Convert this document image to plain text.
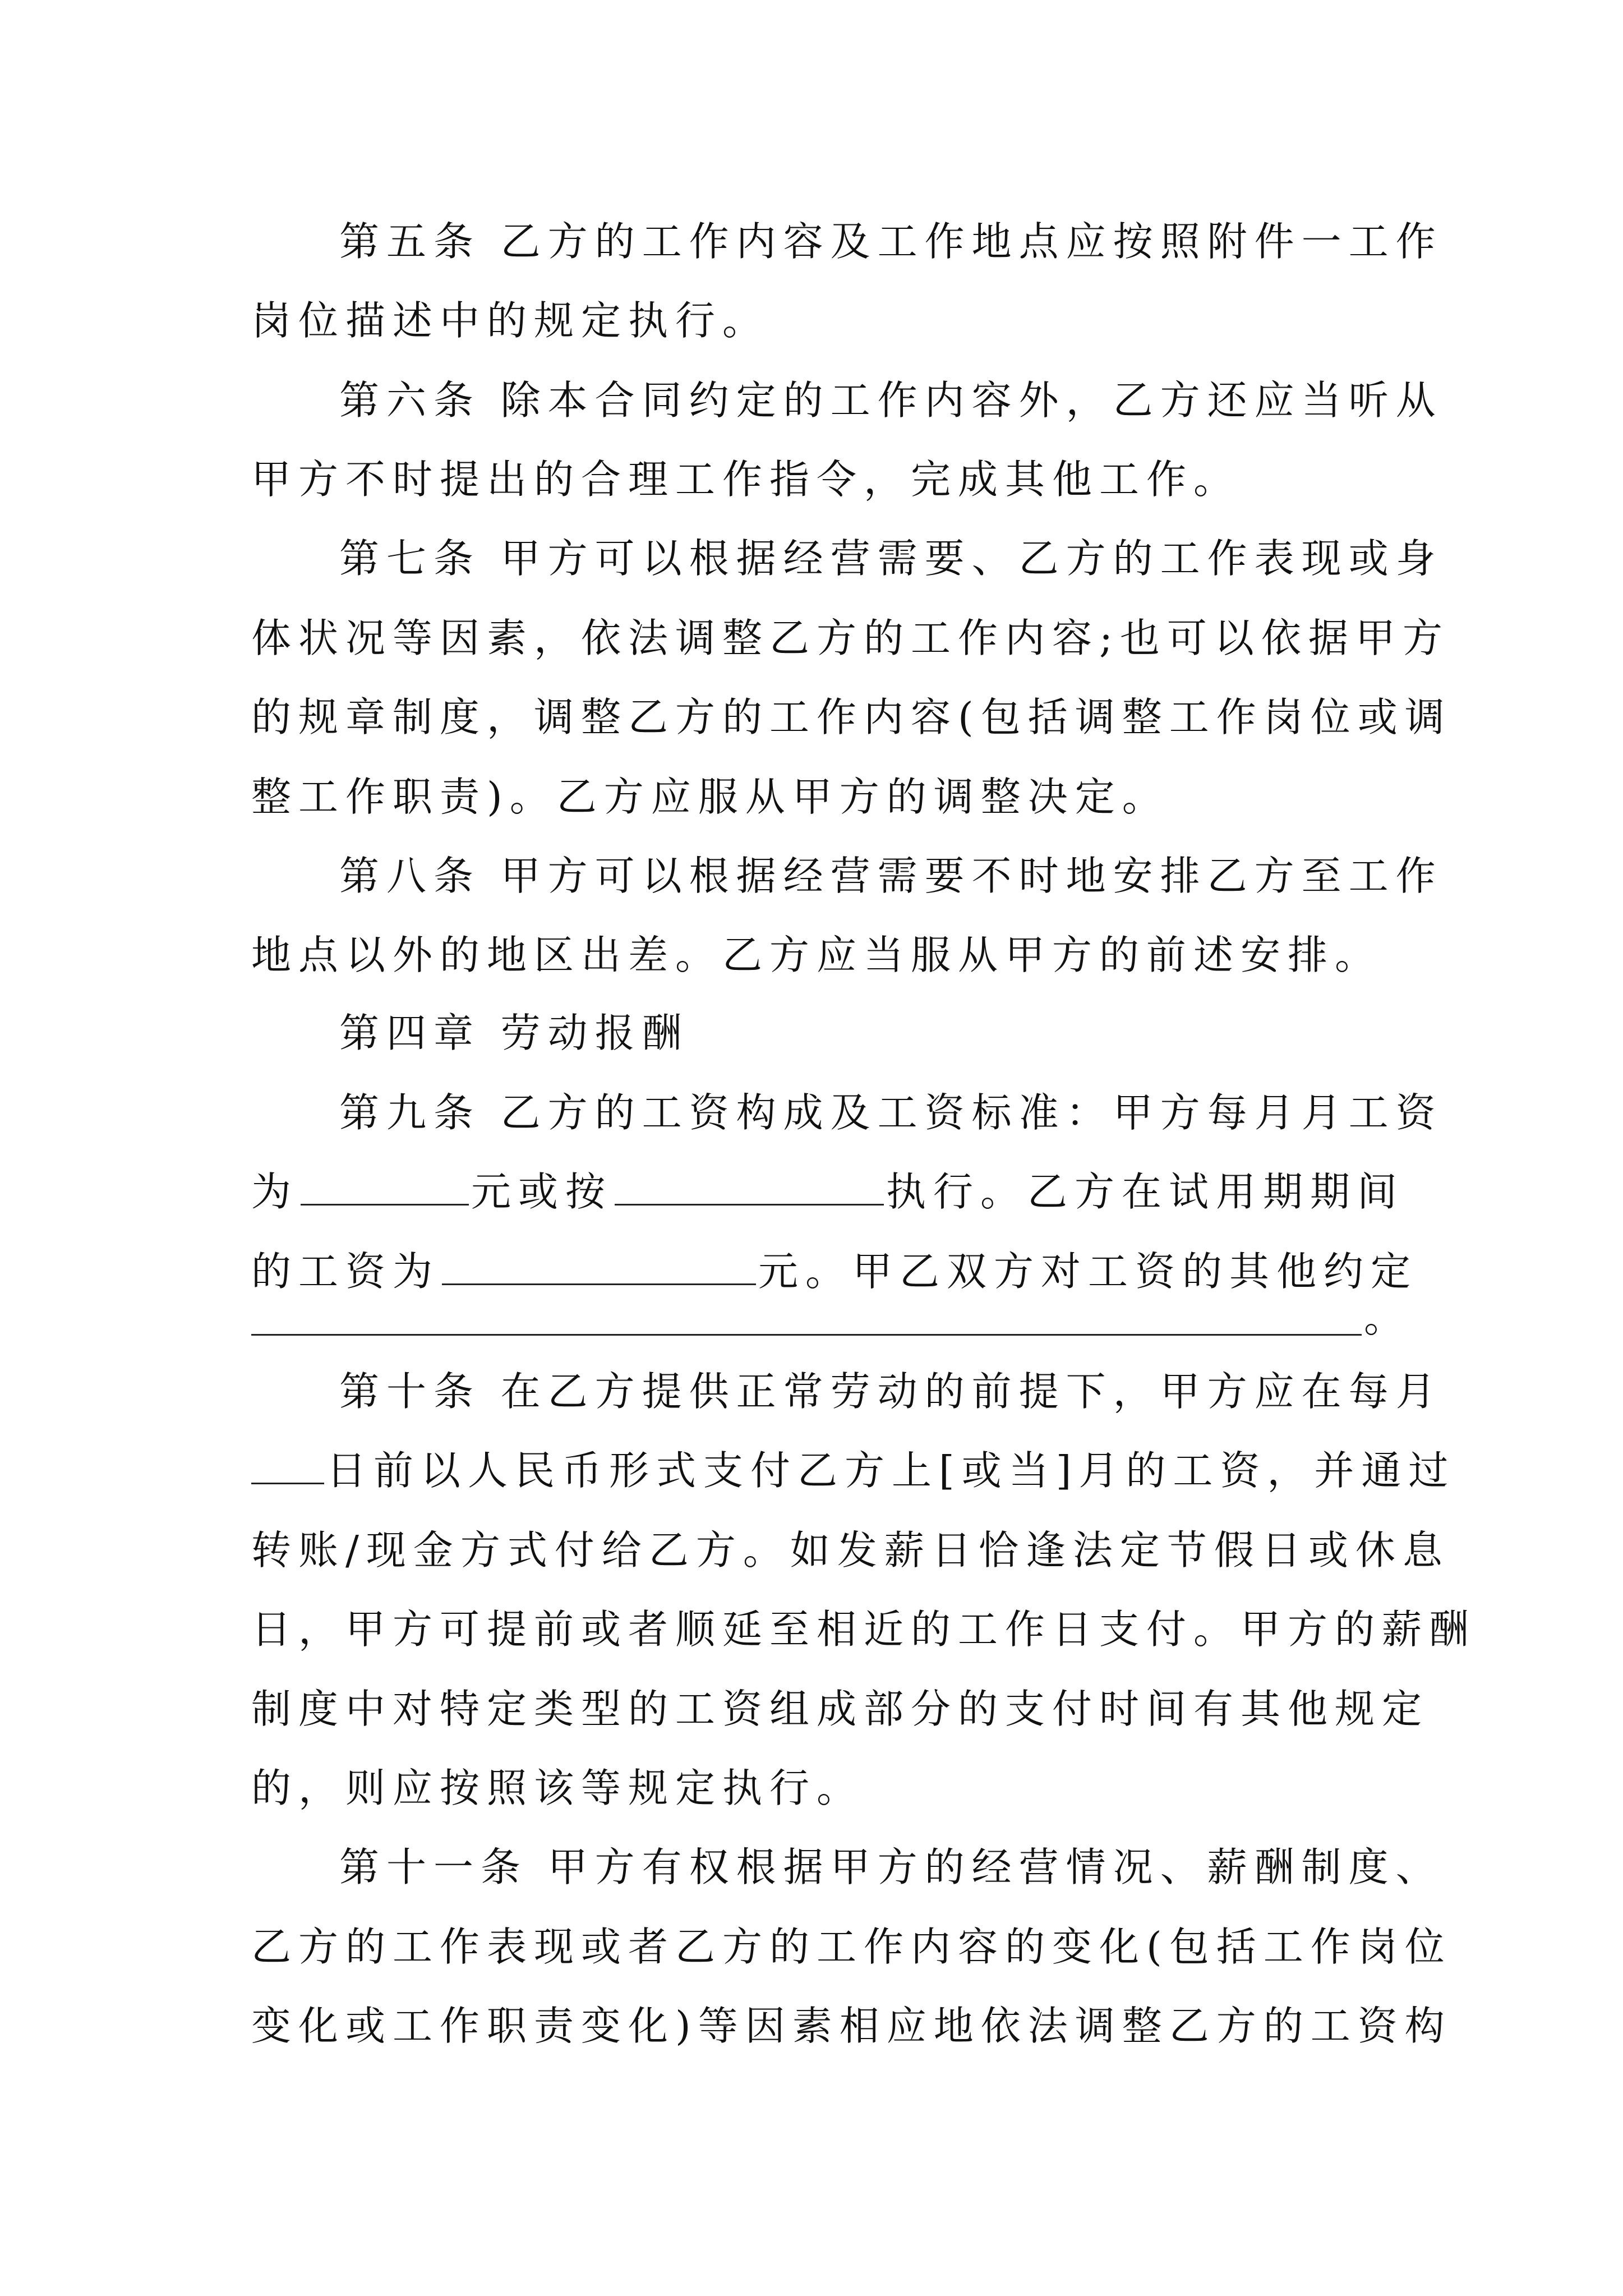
第五条 乙方的工作内容及工作地点应按照附件一工作
岗位描述中的规定执行。
第六条 除本合同约定的工作内容外，乙方还应当听从
甲方不时提出的合理工作指令，完成其他工作。
第七条 甲方可以根据经营需要、乙方的工作表现或身
体状况等因素，依法调整乙方的工作内容;也可以依据甲方
的规章制度，调整乙方的工作内容(包括调整工作岗位或调
整工作职责)。乙方应服从甲方的调整决定。
第八条 甲方可以根据经营需要不时地安排乙方至工作
地点以外的地区出差。乙方应当服从甲方的前述安排。
第四章 劳动报酬
第九条 乙方的工资构成及工资标准：甲方每月月工资
为	元或按	执行。乙方在试用期期间
的工资为	元。甲乙双方对工资的其他约定
。
第十条 在乙方提供正常劳动的前提下，甲方应在每月
日前以人民币形式支付乙方上[或当]月的工资，并通过
转账/现金方式付给乙方。如发薪日恰逢法定节假日或休息
日，甲方可提前或者顺延至相近的工作日支付。甲方的薪酬
制度中对特定类型的工资组成部分的支付时间有其他规定
的，则应按照该等规定执行。
第十一条 甲方有权根据甲方的经营情况、薪酬制度、
乙方的工作表现或者乙方的工作内容的变化(包括工作岗位
变化或工作职责变化)等因素相应地依法调整乙方的工资构
